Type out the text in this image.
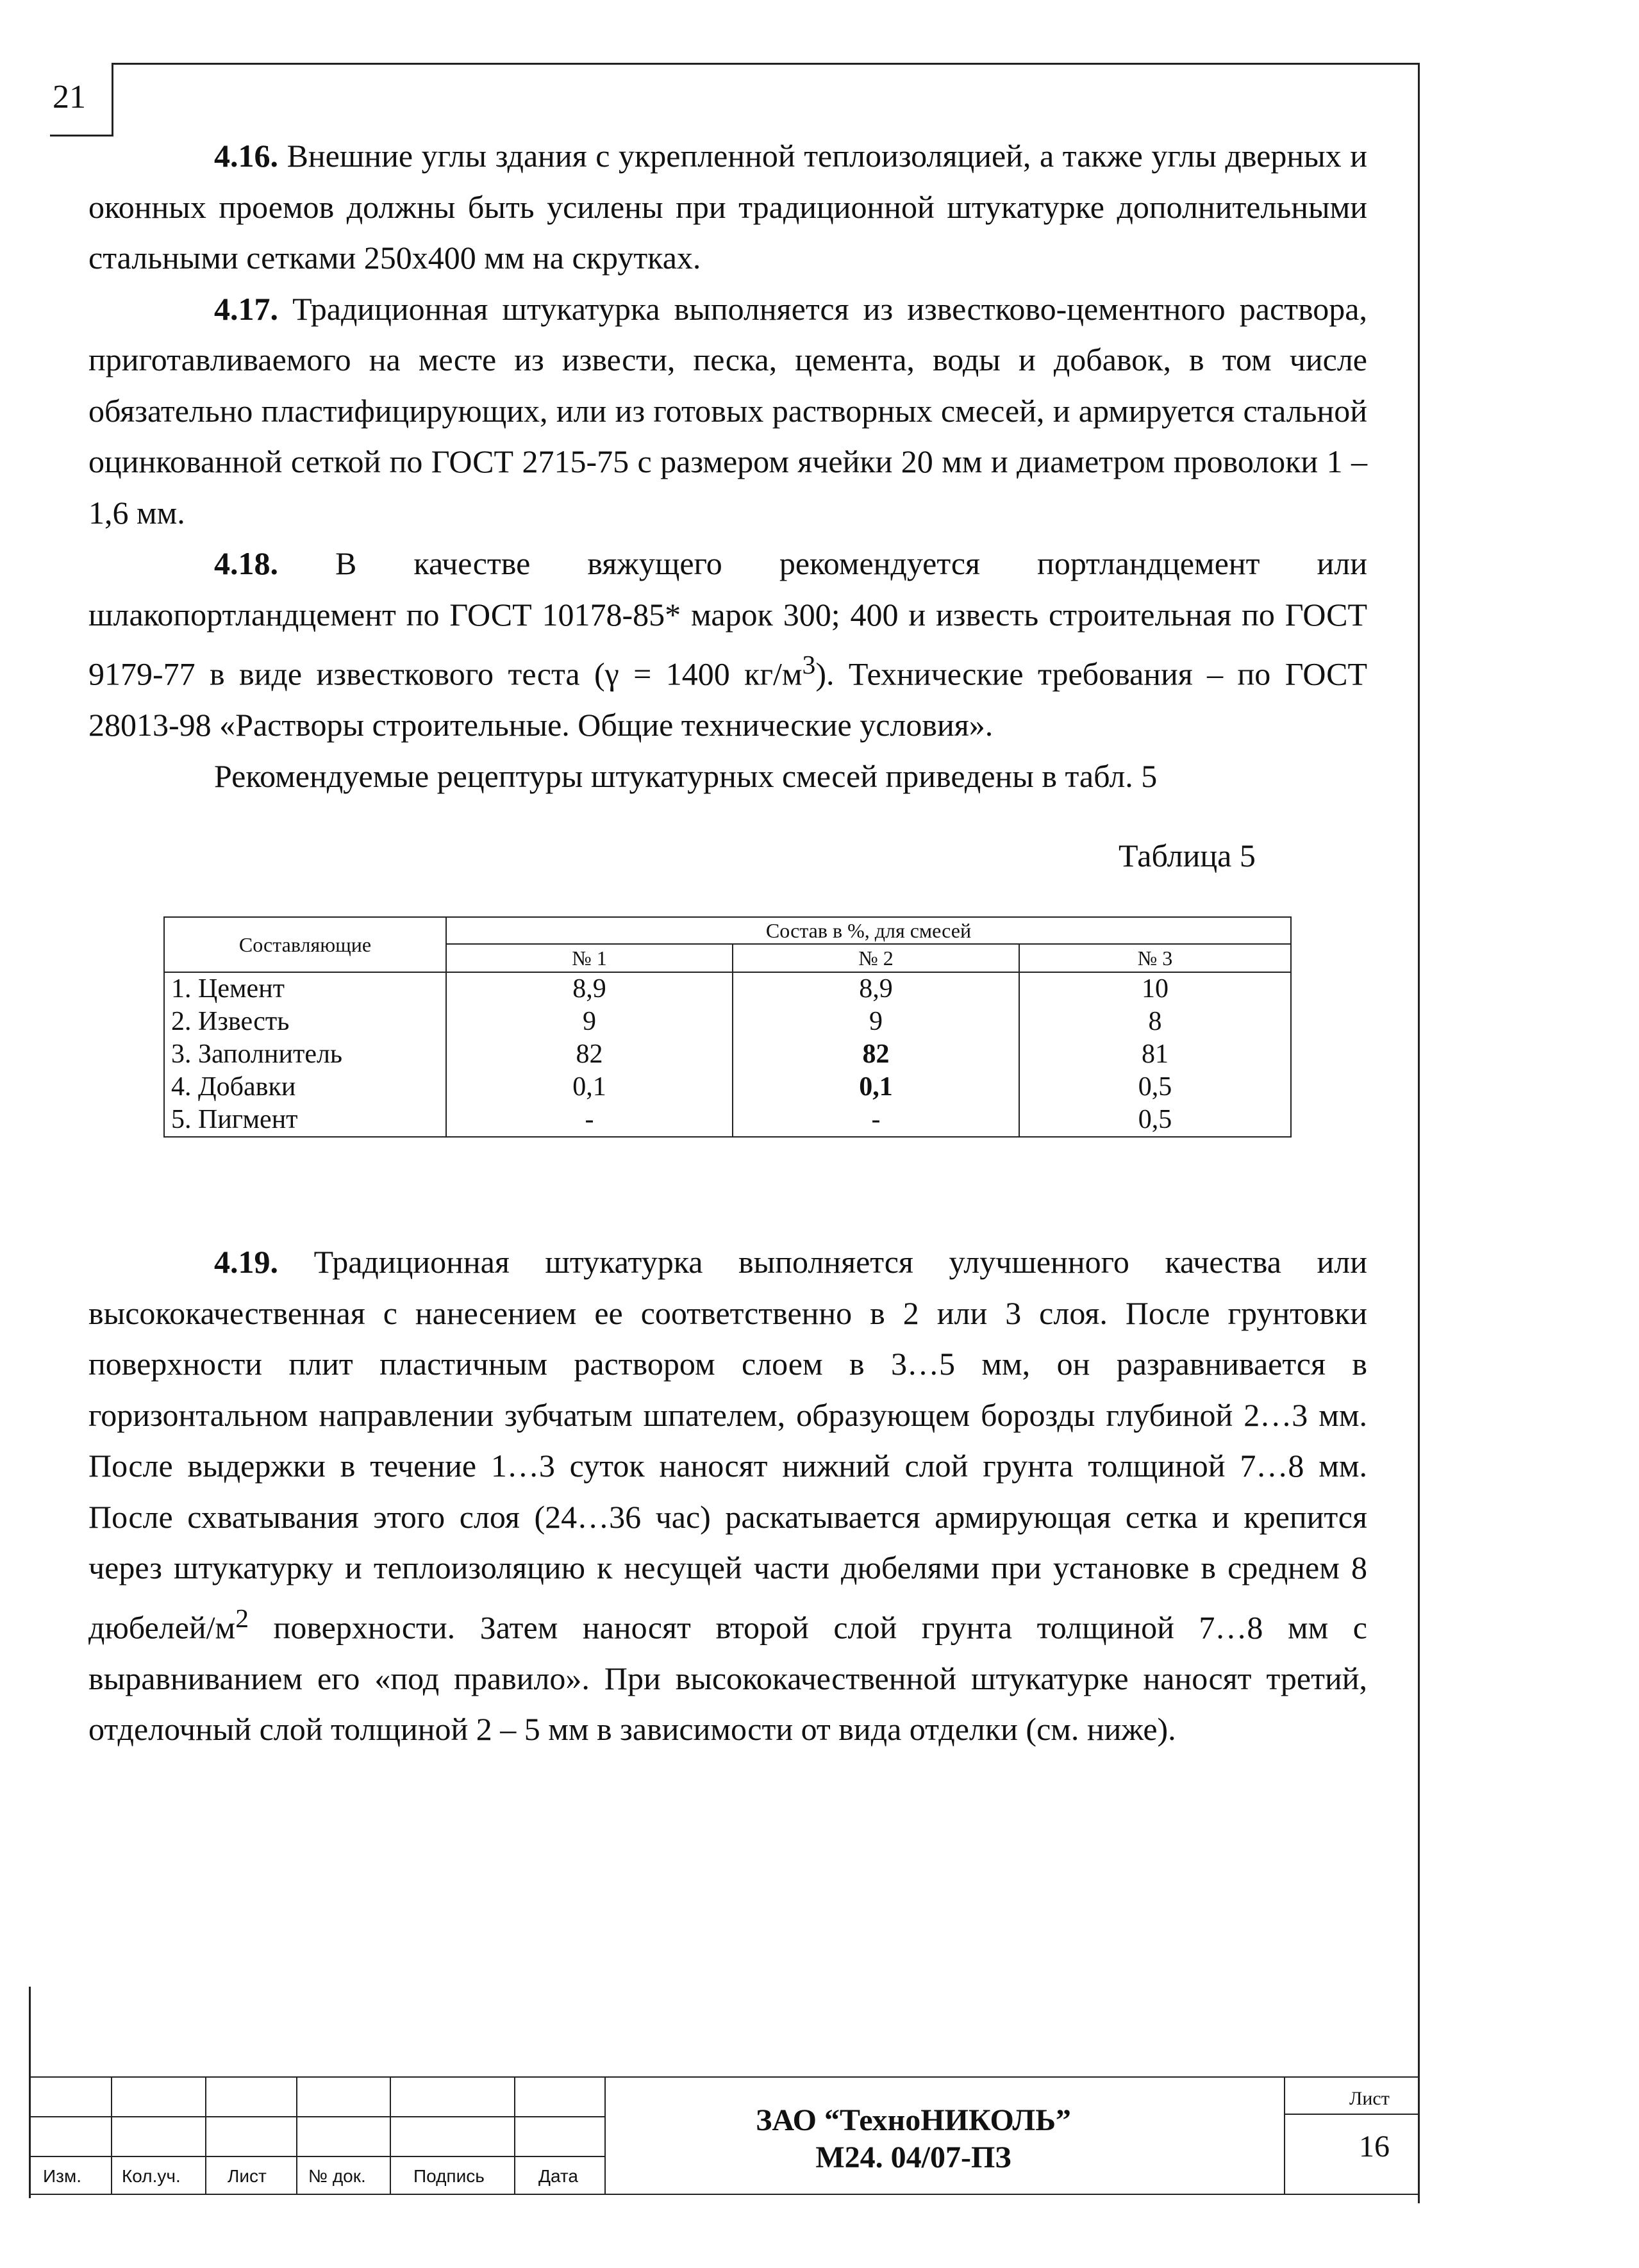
21

4.16. Внешние углы здания с укрепленной теплоизоляцией, а также углы дверных и оконных проемов должны быть усилены при традиционной штукатурке дополнительными стальными сетками 250х400 мм на скрутках.

4.17. Традиционная штукатурка выполняется из известково-цементного раствора, приготавливаемого на месте из извести, песка, цемента, воды и добавок, в том числе обязательно пластифицирующих, или из готовых растворных смесей, и армируется стальной оцинкованной сеткой по ГОСТ 2715-75 с размером ячейки 20 мм и диаметром проволоки 1 – 1,6 мм.

4.18. В качестве вяжущего рекомендуется портландцемент или шлакопортландцемент по ГОСТ 10178-85* марок 300; 400 и известь строительная по ГОСТ 9179-77 в виде известкового теста (γ = 1400 $кг/м^3$). Технические требования – по ГОСТ 28013-98 «Растворы строительные. Общие технические условия».

Рекомендуемые рецептуры штукатурных смесей приведены в табл. 5

Таблица 5
Составляющие	Состав в %, для смесей		
	№ 1	№ 2	№ 3
1. Цемент	8,9	8,9	10
2. Известь	9	9	8
3. Заполнитель	82	82	81
4. Добавки	0,1	0,1	0,5
5. Пигмент	-	-	0,5

4.19. Традиционная штукатурка выполняется улучшенного качества или высококачественная с нанесением ее соответственно в 2 или 3 слоя. После грунтовки поверхности плит пластичным раствором слоем в 3…5 мм, он разравнивается в горизонтальном направлении зубчатым шпателем, образующем борозды глубиной 2…3 мм. После выдержки в течение 1…3 суток наносят нижний слой грунта толщиной 7…8 мм. После схватывания этого слоя (24…36 час) раскатывается армирующая сетка и крепится через штукатурку и теплоизоляцию к несущей части дюбелями при установке в среднем 8 дюбелей/$м^2$ поверхности. Затем наносят второй слой грунта толщиной 7…8 мм с выравниванием его «под правило». При высококачественной штукатурке наносят третий, отделочный слой толщиной 2 – 5 мм в зависимости от вида отделки (см. ниже).

Изм. Кол.уч.	Лист № док.	Подпись	Дата
ЗАО “ТехноНИКОЛЬ”
М24. 04/07-ПЗ
Лист
16
